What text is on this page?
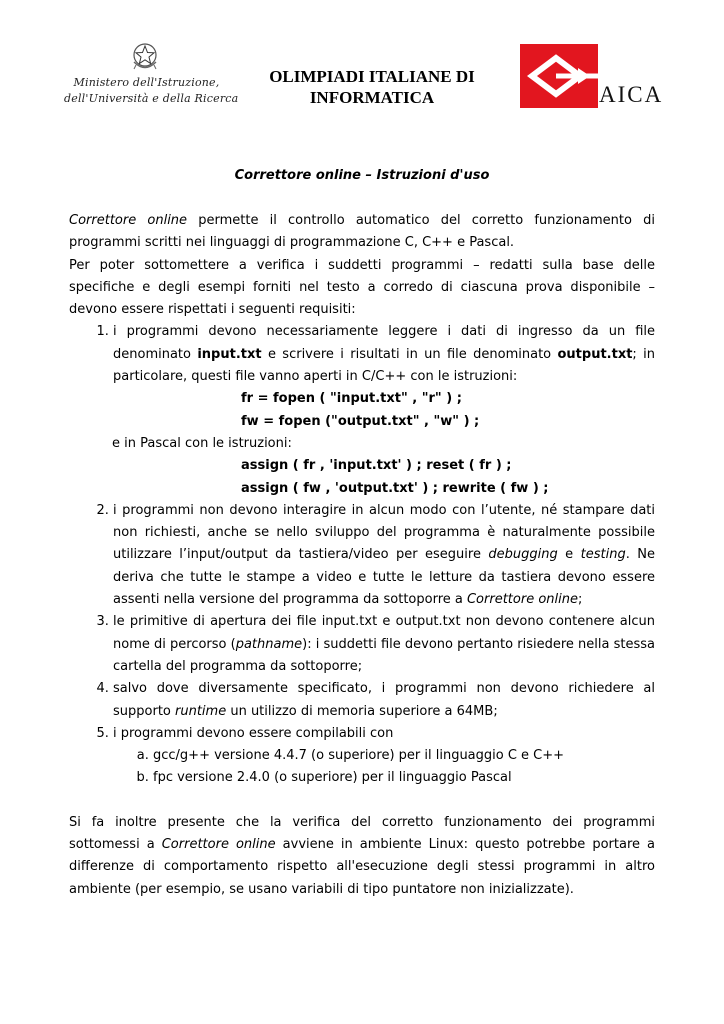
Ministero dell'Istruzione,
dell'Università e della Ricerca
OLIMPIADI ITALIANE DI
INFORMATICA	AICA
Correttore online – Istruzioni d'uso

Correttore online permette il controllo automatico del corretto funzionamento di programmi scritti nei linguaggi di programmazione C, C++ e Pascal.

Per poter sottomettere a verifica i suddetti programmi – redatti sulla base delle specifiche e degli esempi forniti nel testo a corredo di ciascuna prova disponibile – devono essere rispettati i seguenti requisiti:

1. i programmi devono necessariamente leggere i dati di ingresso da un file denominato input.txt e scrivere i risultati in un file denominato output.txt; in particolare, questi file vanno aperti in C/C++ con le istruzioni:
fr = fopen ( "input.txt" , "r" ) ;
fw = fopen ("output.txt" , "w" ) ;
e in Pascal con le istruzioni:
assign ( fr , 'input.txt' ) ; reset ( fr ) ;
assign ( fw , 'output.txt' ) ; rewrite ( fw ) ;
2. i programmi non devono interagire in alcun modo con l’utente, né stampare dati non richiesti, anche se nello sviluppo del programma è naturalmente possibile utilizzare l’input/output da tastiera/video per eseguire debugging e testing. Ne deriva che tutte le stampe a video e tutte le letture da tastiera devono essere assenti nella versione del programma da sottoporre a Correttore online;
3. le primitive di apertura dei file input.txt e output.txt non devono contenere alcun nome di percorso (pathname): i suddetti file devono pertanto risiedere nella stessa cartella del programma da sottoporre;
4. salvo dove diversamente specificato, i programmi non devono richiedere al supporto runtime un utilizzo di memoria superiore a 64MB;
5. i programmi devono essere compilabili con
a. gcc/g++ versione 4.4.7 (o superiore) per il linguaggio C e C++
b. fpc versione 2.4.0 (o superiore) per il linguaggio Pascal

Si fa inoltre presente che la verifica del corretto funzionamento dei programmi sottomessi a Correttore online avviene in ambiente Linux: questo potrebbe portare a differenze di comportamento rispetto all'esecuzione degli stessi programmi in altro ambiente (per esempio, se usano variabili di tipo puntatore non inizializzate).
